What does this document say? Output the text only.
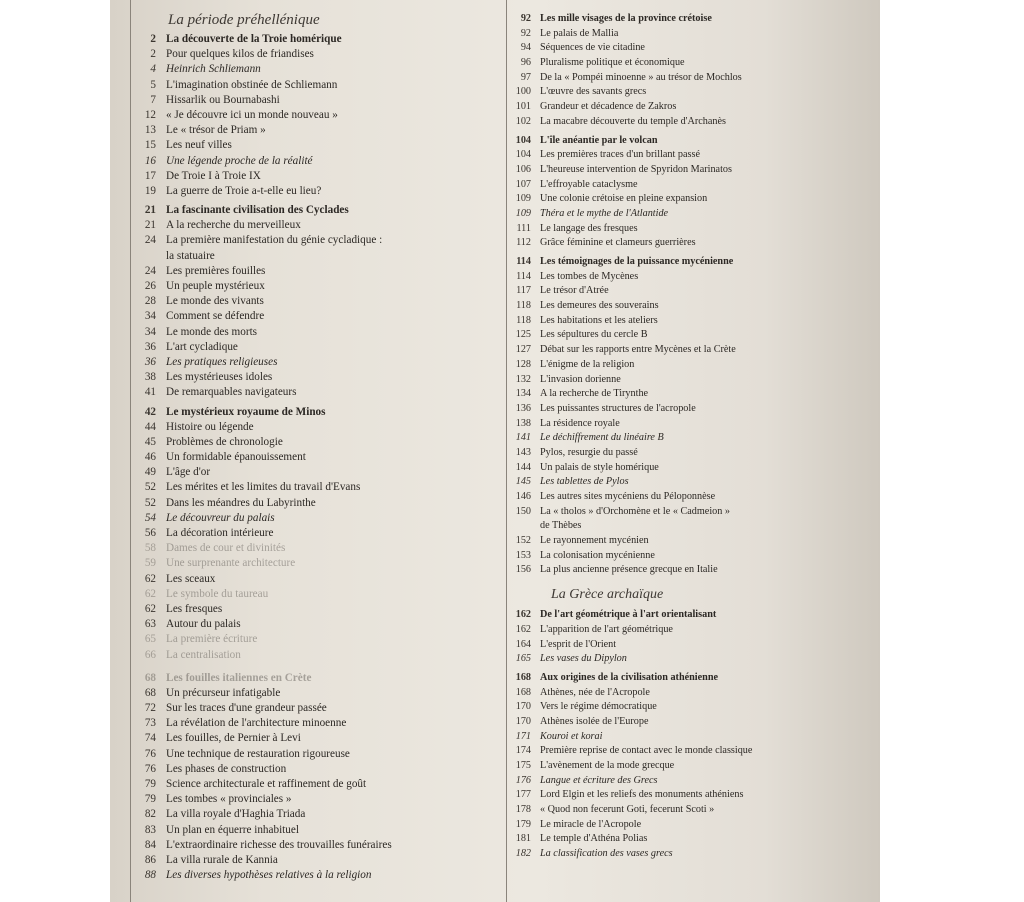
La période préhellénique
2 La découverte de la Troie homérique
2 Pour quelques kilos de friandises
4 Heinrich Schliemann
5 L'imagination obstinée de Schliemann
7 Hissarlik ou Bournabashi
12 « Je découvre ici un monde nouveau »
13 Le « trésor de Priam »
15 Les neuf villes
16 Une légende proche de la réalité
17 De Troie I à Troie IX
19 La guerre de Troie a-t-elle eu lieu?
21 La fascinante civilisation des Cyclades
21 A la recherche du merveilleux
24 La première manifestation du génie cycladique :
la statuaire
24 Les premières fouilles
26 Un peuple mystérieux
28 Le monde des vivants
34 Comment se défendre
34 Le monde des morts
36 L'art cycladique
36 Les pratiques religieuses
38 Les mystérieuses idoles
41 De remarquables navigateurs
42 Le mystérieux royaume de Minos
44 Histoire ou légende
45 Problèmes de chronologie
46 Un formidable épanouissement
49 L'âge d'or
52 Les mérites et les limites du travail d'Evans
52 Dans les méandres du Labyrinthe
54 Le découvreur du palais
56 La décoration intérieure
58 Dames de cour et divinités
59 Une surprenante architecture
62 Les sceaux
62 Le symbole du taureau
62 Les fresques
63 Autour du palais
65 La première écriture
66 La centralisation
68 Les fouilles italiennes en Crète
68 Un précurseur infatigable
72 Sur les traces d'une grandeur passée
73 La révélation de l'architecture minoenne
74 Les fouilles, de Pernier à Levi
76 Une technique de restauration rigoureuse
76 Les phases de construction
79 Science architecturale et raffinement de goût
79 Les tombes « provinciales »
82 La villa royale d'Haghia Triada
83 Un plan en équerre inhabituel
84 L'extraordinaire richesse des trouvailles funéraires
86 La villa rurale de Kannia
88 Les diverses hypothèses relatives à la religion
92 Les mille visages de la province crétoise
92 Le palais de Mallia
94 Séquences de vie citadine
96 Pluralisme politique et économique
97 De la « Pompéi minoenne » au trésor de Mochlos
100 L'œuvre des savants grecs
101 Grandeur et décadence de Zakros
102 La macabre découverte du temple d'Archanès
104 L'île anéantie par le volcan
104 Les premières traces d'un brillant passé
106 L'heureuse intervention de Spyridon Marinatos
107 L'effroyable cataclysme
109 Une colonie crétoise en pleine expansion
109 Théra et le mythe de l'Atlantide
111 Le langage des fresques
112 Grâce féminine et clameurs guerrières
114 Les témoignages de la puissance mycénienne
114 Les tombes de Mycènes
117 Le trésor d'Atrée
118 Les demeures des souverains
118 Les habitations et les ateliers
125 Les sépultures du cercle B
127 Débat sur les rapports entre Mycènes et la Crète
128 L'énigme de la religion
132 L'invasion dorienne
134 A la recherche de Tirynthe
136 Les puissantes structures de l'acropole
138 La résidence royale
141 Le déchiffrement du linéaire B
143 Pylos, resurgie du passé
144 Un palais de style homérique
145 Les tablettes de Pylos
146 Les autres sites mycéniens du Péloponnèse
150 La « tholos » d'Orchomène et le « Cadmeion »
de Thèbes
152 Le rayonnement mycénien
153 La colonisation mycénienne
156 La plus ancienne présence grecque en Italie
La Grèce archaïque
162 De l'art géométrique à l'art orientalisant
162 L'apparition de l'art géométrique
164 L'esprit de l'Orient
165 Les vases du Dipylon
168 Aux origines de la civilisation athénienne
168 Athènes, née de l'Acropole
170 Vers le régime démocratique
170 Athènes isolée de l'Europe
171 Kouroi et korai
174 Première reprise de contact avec le monde classique
175 L'avènement de la mode grecque
176 Langue et écriture des Grecs
177 Lord Elgin et les reliefs des monuments athéniens
178 « Quod non fecerunt Goti, fecerunt Scoti »
179 Le miracle de l'Acropole
181 Le temple d'Athéna Polias
182 La classification des vases grecs
